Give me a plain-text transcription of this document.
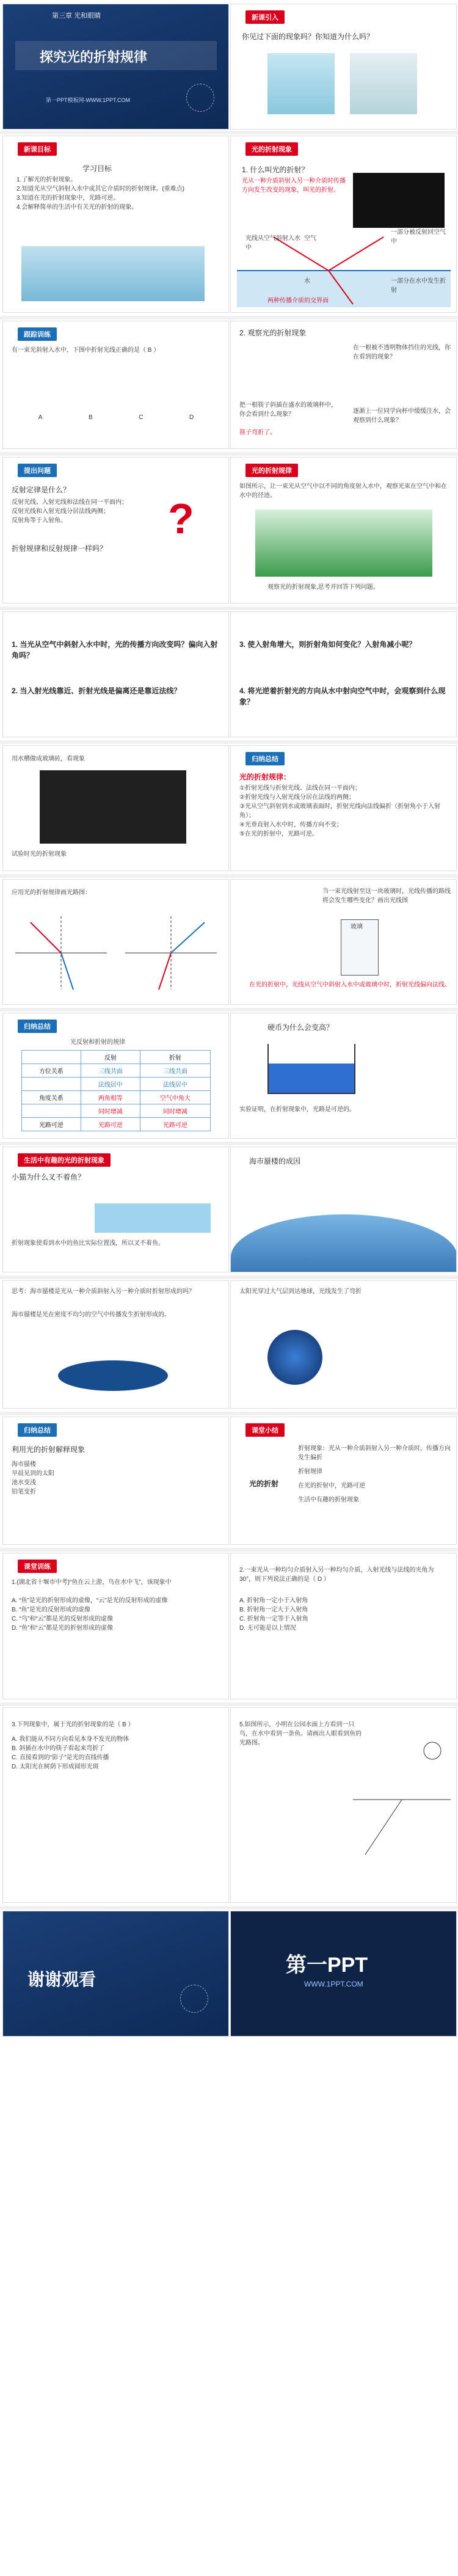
第三章 光和眼睛
探究光的折射规律
第一PPT模板网-WWW.1PPT.COM
新课引入
你见过下面的现象吗？你知道为什么吗？
新课目标
学习目标
1.了解光的折射现象。
2.知道光从空气斜射入水中或其它介质时的折射规律。(重难点)
3.知道在光的折射现象中，光路可逆。
4.会解释简单的生活中有关光的折射的现象。
光的折射现象
1. 什么叫光的折射？
光从一种介质斜射入另一种介质时传播方向发生改变的现象，叫光的折射。
光线从空气斜射入水中
一部分被反射回空气中
一部分在水中发生折射
空气
水
两种传播介质的交界面
跟踪训练
有一束光斜射入水中，下图中折射光线正确的是（ B ）
A	B	C	D
2. 观察光的折射现象
在一根被不透明物体挡住的光线，你在看到的现象？
把一根筷子斜插在盛水的玻璃杯中，你会看到什么现象？
筷子弯折了。
逐渐上一位同学向杯中缓缓注水，会观察到什么现象？
提出问题
反射定律是什么？
反射光线、入射光线和法线在同一平面内；
反射光线和入射光线分居法线两侧；
反射角等于入射角。
折射规律和反射规律一样吗？
?
光的折射规律
如图所示，让一束光从空气中以不同的角度射入水中，观察光束在空气中和在水中的径迹。
观察光的折射现象,思考并回答下列问题。
1. 当光从空气中斜射入水中时，光的传播方向改变吗？偏向入射角吗？
2. 当入射光线靠近、折射光线是偏离还是靠近法线？
3. 使入射角增大，则折射角如何变化？入射角减小呢？
4. 将光逆着折射光的方向从水中射向空气中时，会观察到什么现象？
用水槽做成玻璃砖，看现象
试验时光的折射现象
归纳总结
光的折射规律：
①折射光线与折射光线、法线在同一平面内；
②折射光线与入射光线分居在法线的两侧；
③光从空气斜射到水或玻璃表面时，折射光线向法线偏折（折射角小于入射角）；
④光垂直射入水中时，传播方向不变；
⑤在光的折射中，光路可逆。
应用光的折射规律画光路图：	当一束光线射至这一块玻璃时，光线传播的路线将会发生哪些变化？画出光线图
玻璃
在光的折射中，光线从空气中斜射入水中或玻璃中时，折射光线偏向法线。
归纳总结
光反射和折射的规律
	反射	折射
方位关系	三线共面	三线共面
	法线居中	法线居中
角度关系	两角相等	空气中角大
	同时增减	同时增减
光路可逆	光路可逆	光路可逆
硬币为什么会变高？
实验证明，在折射现象中，光路是可逆的。
生活中有趣的光的折射现象
小猫为什么叉不着鱼？
折射现象使看到水中的鱼比实际位置浅，所以叉不着鱼。
海市蜃楼的成因
思考：海市蜃楼是光从一种介质斜射入另一种介质时折射形成的吗？
海市蜃楼是光在密度不均匀的空气中传播发生折射形成的。
太阳光穿过大气层到达地球，光线发生了弯折
归纳总结
利用光的折射解释现象
海市蜃楼
早晨见到的太阳
池水变浅
铅笔变折
课堂小结
光的折射
折射现象：光从一种介质斜射入另一种介质时，传播方向发生偏折
折射规律
在光的折射中，光路可逆
生活中有趣的折射现象
课堂训练
1.(湖北省十堰市中考)“鱼在云上游，鸟在水中飞”，该现象中
A. “鱼”是光的折射形成的虚像，“云”是光的反射形成的虚像
B. “鱼”是光的反射形成的虚像
C. “鸟”和“云”都是光的反射形成的虚像
D. “鱼”和“云”都是光的折射形成的虚像
2.一束光从一种均匀介质射入另一种均匀介质，入射光线与法线的夹角为30°，则下列说法正确的是（ D ）
A. 折射角一定小于入射角
B. 折射角一定大于入射角
C. 折射角一定等于入射角
D. 无可能是以上情况
3.下列现象中，属于光的折射现象的是（ B ）
A. 我们能从不同方向看见本身不发光的物体
B. 斜插在水中的筷子看起来弯折了
C. 直接看到的“影子”是光的直线传播
D. 太阳光在树荫下形成圆形光斑
5.如图所示，小明在公园水面上方看到一只鸟，在水中看到一条鱼。请画出人眼看到鱼的光路图。
谢谢观看
第一PPT
WWW.1PPT.COM
